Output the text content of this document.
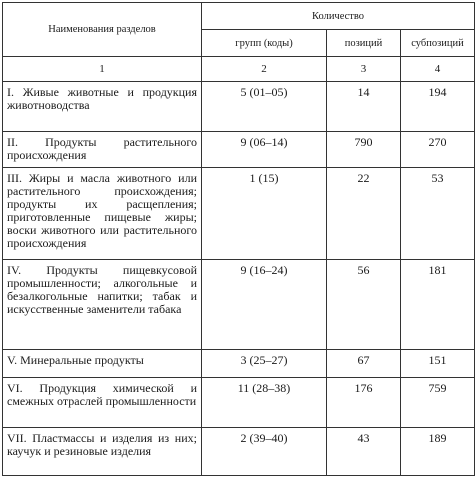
Наименования разделов	Количество		
	групп (коды)	позиций	субпозиций
1	2	3	4
I. Живые животные и продукция животноводства	5 (01–05)	14	194
II. Продукты растительного происхождения	9 (06–14)	790	270
III. Жиры и масла животного или растительного происхождения; продукты их расщепления; приготовленные пищевые жиры; воски животного или растительного происхождения	1 (15)	22	53
IV. Продукты пищевкусовой промышленности; алкогольные и безалкогольные напитки; табак и искусственные заменители табака	9 (16–24)	56	181
V. Минеральные продукты	3 (25–27)	67	151
VI. Продукция химической и смежных отраслей промышленности	11 (28–38)	176	759
VII. Пластмассы и изделия из них; каучук и резиновые изделия	2 (39–40)	43	189
